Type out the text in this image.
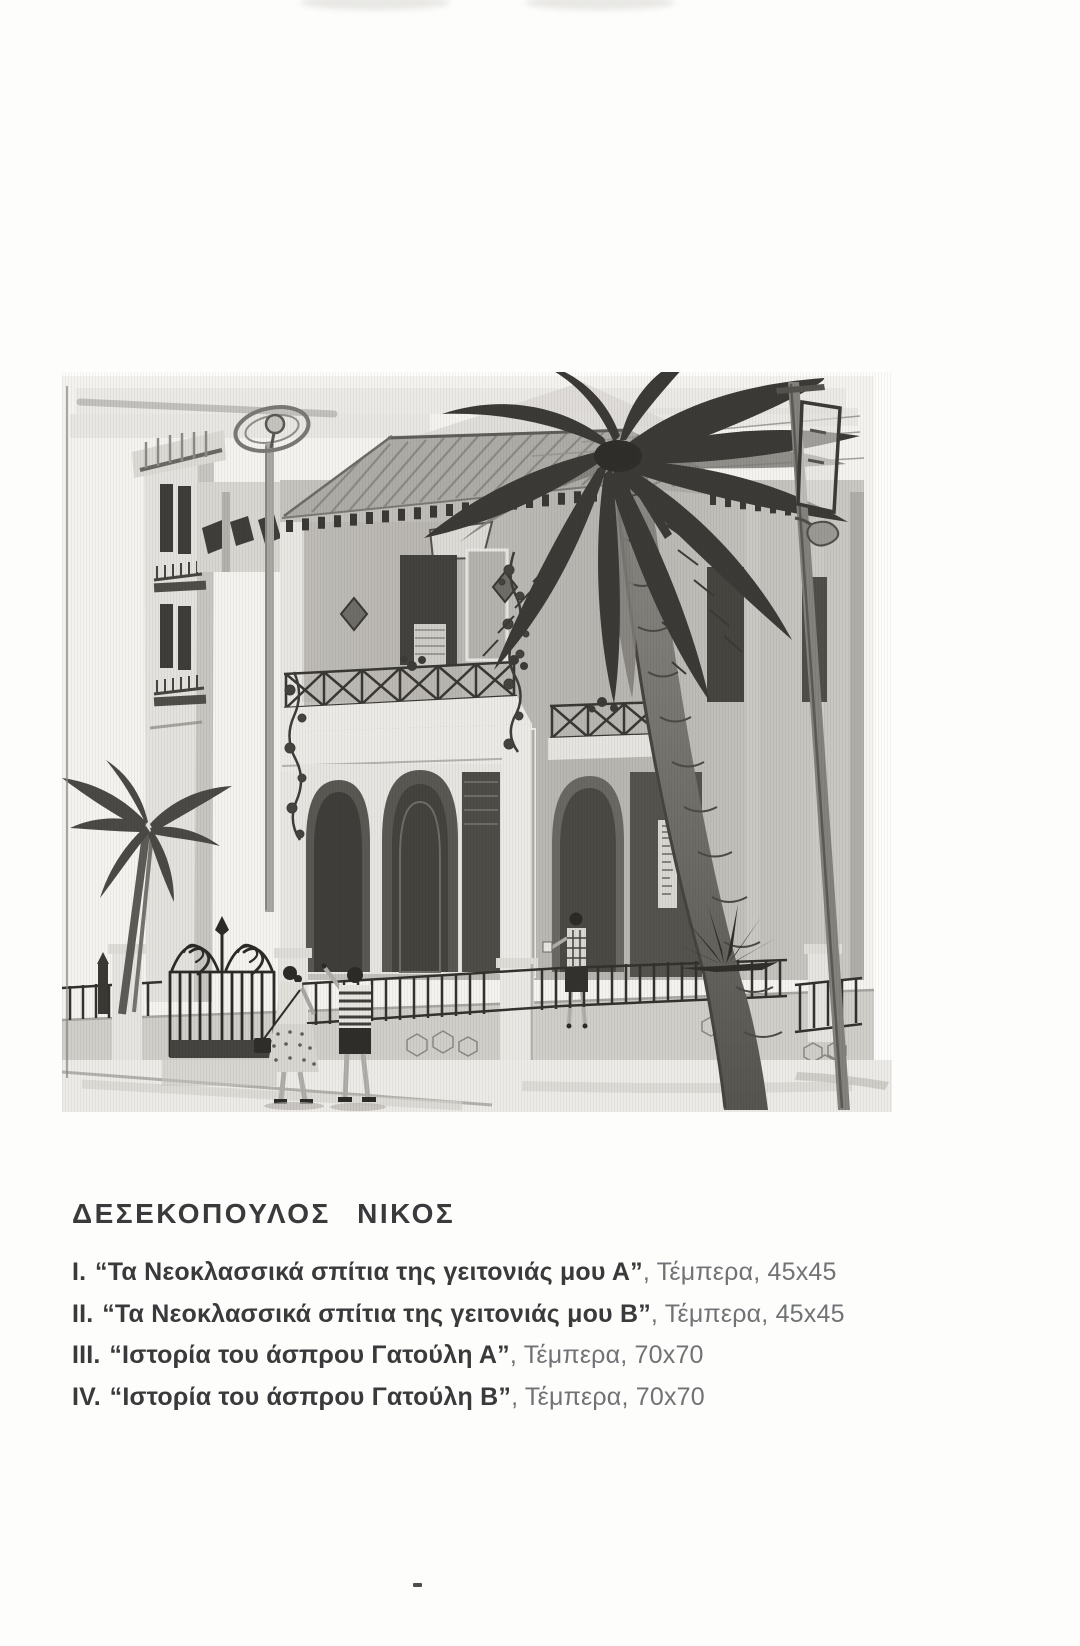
ΔΕΣΕΚΟΠΟΥΛΟΣ ΝΙΚΟΣ

I. “Τα Νεοκλασσικά σπίτια της γειτονιάς μου Α”, Τέμπερα, 45x45

II. “Τα Νεοκλασσικά σπίτια της γειτονιάς μου Β”, Τέμπερα, 45x45

III. “Ιστορία του άσπρου Γατούλη Α”, Τέμπερα, 70x70

IV. “Ιστορία του άσπρου Γατούλη Β”, Τέμπερα, 70x70
